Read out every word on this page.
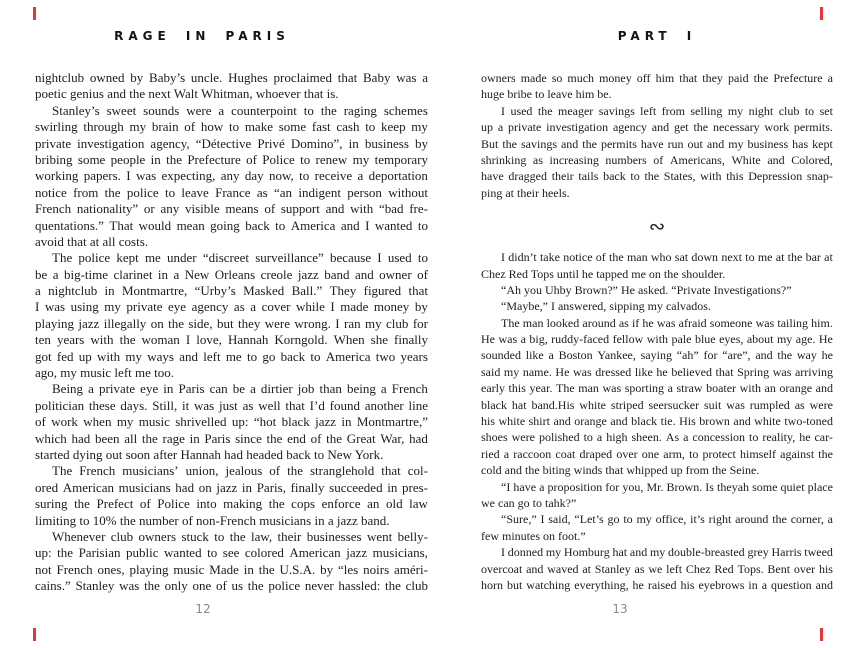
RAGE IN PARIS	PART I
nightclub owned by Baby’s uncle. Hughes proclaimed that Baby was a
poetic genius and the next Walt Whitman, whoever that is.
Stanley’s sweet sounds were a counterpoint to the raging schemes
swirling through my brain of how to make some fast cash to keep my
private investigation agency, “Détective Privé Domino”, in business by
bribing some people in the Prefecture of Police to renew my temporary
working papers. I was expecting, any day now, to receive a deportation
notice from the police to leave France as “an indigent person without
French nationality” or any visible means of support and with “bad fre-
quentations.” That would mean going back to America and I wanted to
avoid that at all costs.
The police kept me under “discreet surveillance” because I used to
be a big-time clarinet in a New Orleans creole jazz band and owner of
a nightclub in Montmartre, “Urby’s Masked Ball.” They figured that
I was using my private eye agency as a cover while I made money by
playing jazz illegally on the side, but they were wrong. I ran my club for
ten years with the woman I love, Hannah Korngold. When she finally
got fed up with my ways and left me to go back to America two years
ago, my music left me too.
Being a private eye in Paris can be a dirtier job than being a French
politician these days. Still, it was just as well that I’d found another line
of work when my music shrivelled up: “hot black jazz in Montmartre,”
which had been all the rage in Paris since the end of the Great War, had
started dying out soon after Hannah had headed back to New York.
The French musicians’ union, jealous of the stranglehold that col-
ored American musicians had on jazz in Paris, finally succeeded in pres-
suring the Prefect of Police into making the cops enforce an old law
limiting to 10% the number of non-French musicians in a jazz band.
Whenever club owners stuck to the law, their businesses went belly-
up: the Parisian public wanted to see colored American jazz musicians,
not French ones, playing music Made in the U.S.A. by “les noirs améri-
cains.” Stanley was the only one of us the police never hassled: the club
owners made so much money off him that they paid the Prefecture a
huge bribe to leave him be.
I used the meager savings left from selling my night club to set
up a private investigation agency and get the necessary work permits.
But the savings and the permits have run out and my business has kept
shrinking as increasing numbers of Americans, White and Colored,
have dragged their tails back to the States, with this Depression snap-
ping at their heels.
∾
I didn’t take notice of the man who sat down next to me at the bar at
Chez Red Tops until he tapped me on the shoulder.
“Ah you Uhby Brown?” He asked. “Private Investigations?”
“Maybe,” I answered, sipping my calvados.
The man looked around as if he was afraid someone was tailing him.
He was a big, ruddy-faced fellow with pale blue eyes, about my age. He
sounded like a Boston Yankee, saying “ah” for “are”, and the way he
said my name. He was dressed like he believed that Spring was arriving
early this year. The man was sporting a straw boater with an orange and
black hat band.His white striped seersucker suit was rumpled as were
his white shirt and orange and black tie. His brown and white two-toned
shoes were polished to a high sheen. As a concession to reality, he car-
ried a raccoon coat draped over one arm, to protect himself against the
cold and the biting winds that whipped up from the Seine.
“I have a proposition for you, Mr. Brown. Is theyah some quiet place
we can go to tahk?”
“Sure,” I said, “Let’s go to my office, it’s right around the corner, a
few minutes on foot.”
I donned my Homburg hat and my double-breasted grey Harris tweed
overcoat and waved at Stanley as we left Chez Red Tops. Bent over his
horn but watching everything, he raised his eyebrows in a question and
12	13
